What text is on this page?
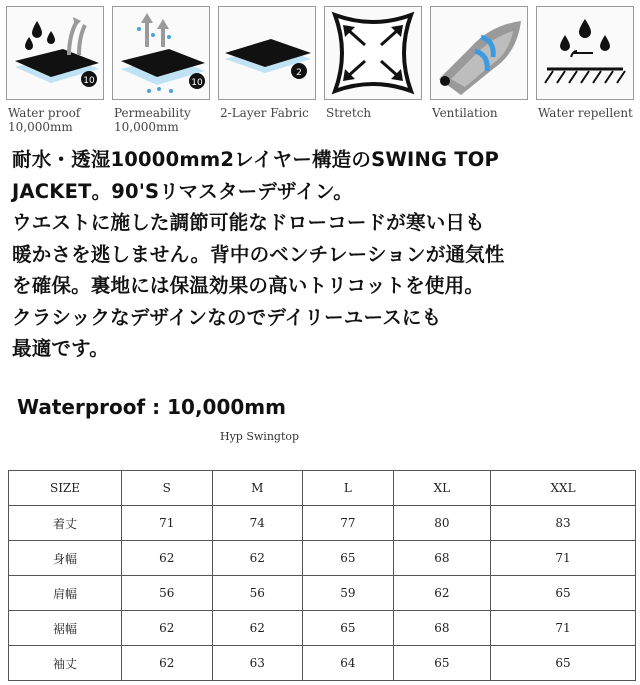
10
Water proof
10,000mm
10
Permeability
10,000mm
2
2-Layer Fabric	Stretch	Ventilation	Water repellent
耐水・透湿10000mm2レイヤー構造のSWING TOP
JACKET。90'Sリマスターデザイン。
ウエストに施した調節可能なドローコードが寒い日も
暖かさを逃しません。背中のベンチレーションが通気性
を確保。裏地には保温効果の高いトリコットを使用。
クラシックなデザインなのでデイリーユースにも
最適です。
Waterproof : 10,000mm
Hyp Swingtop
SIZE	S	M	L	XL	XXL
着丈	71	74	77	80	83
身幅	62	62	65	68	71
肩幅	56	56	59	62	65
裾幅	62	62	65	68	71
袖丈	62	63	64	65	65
